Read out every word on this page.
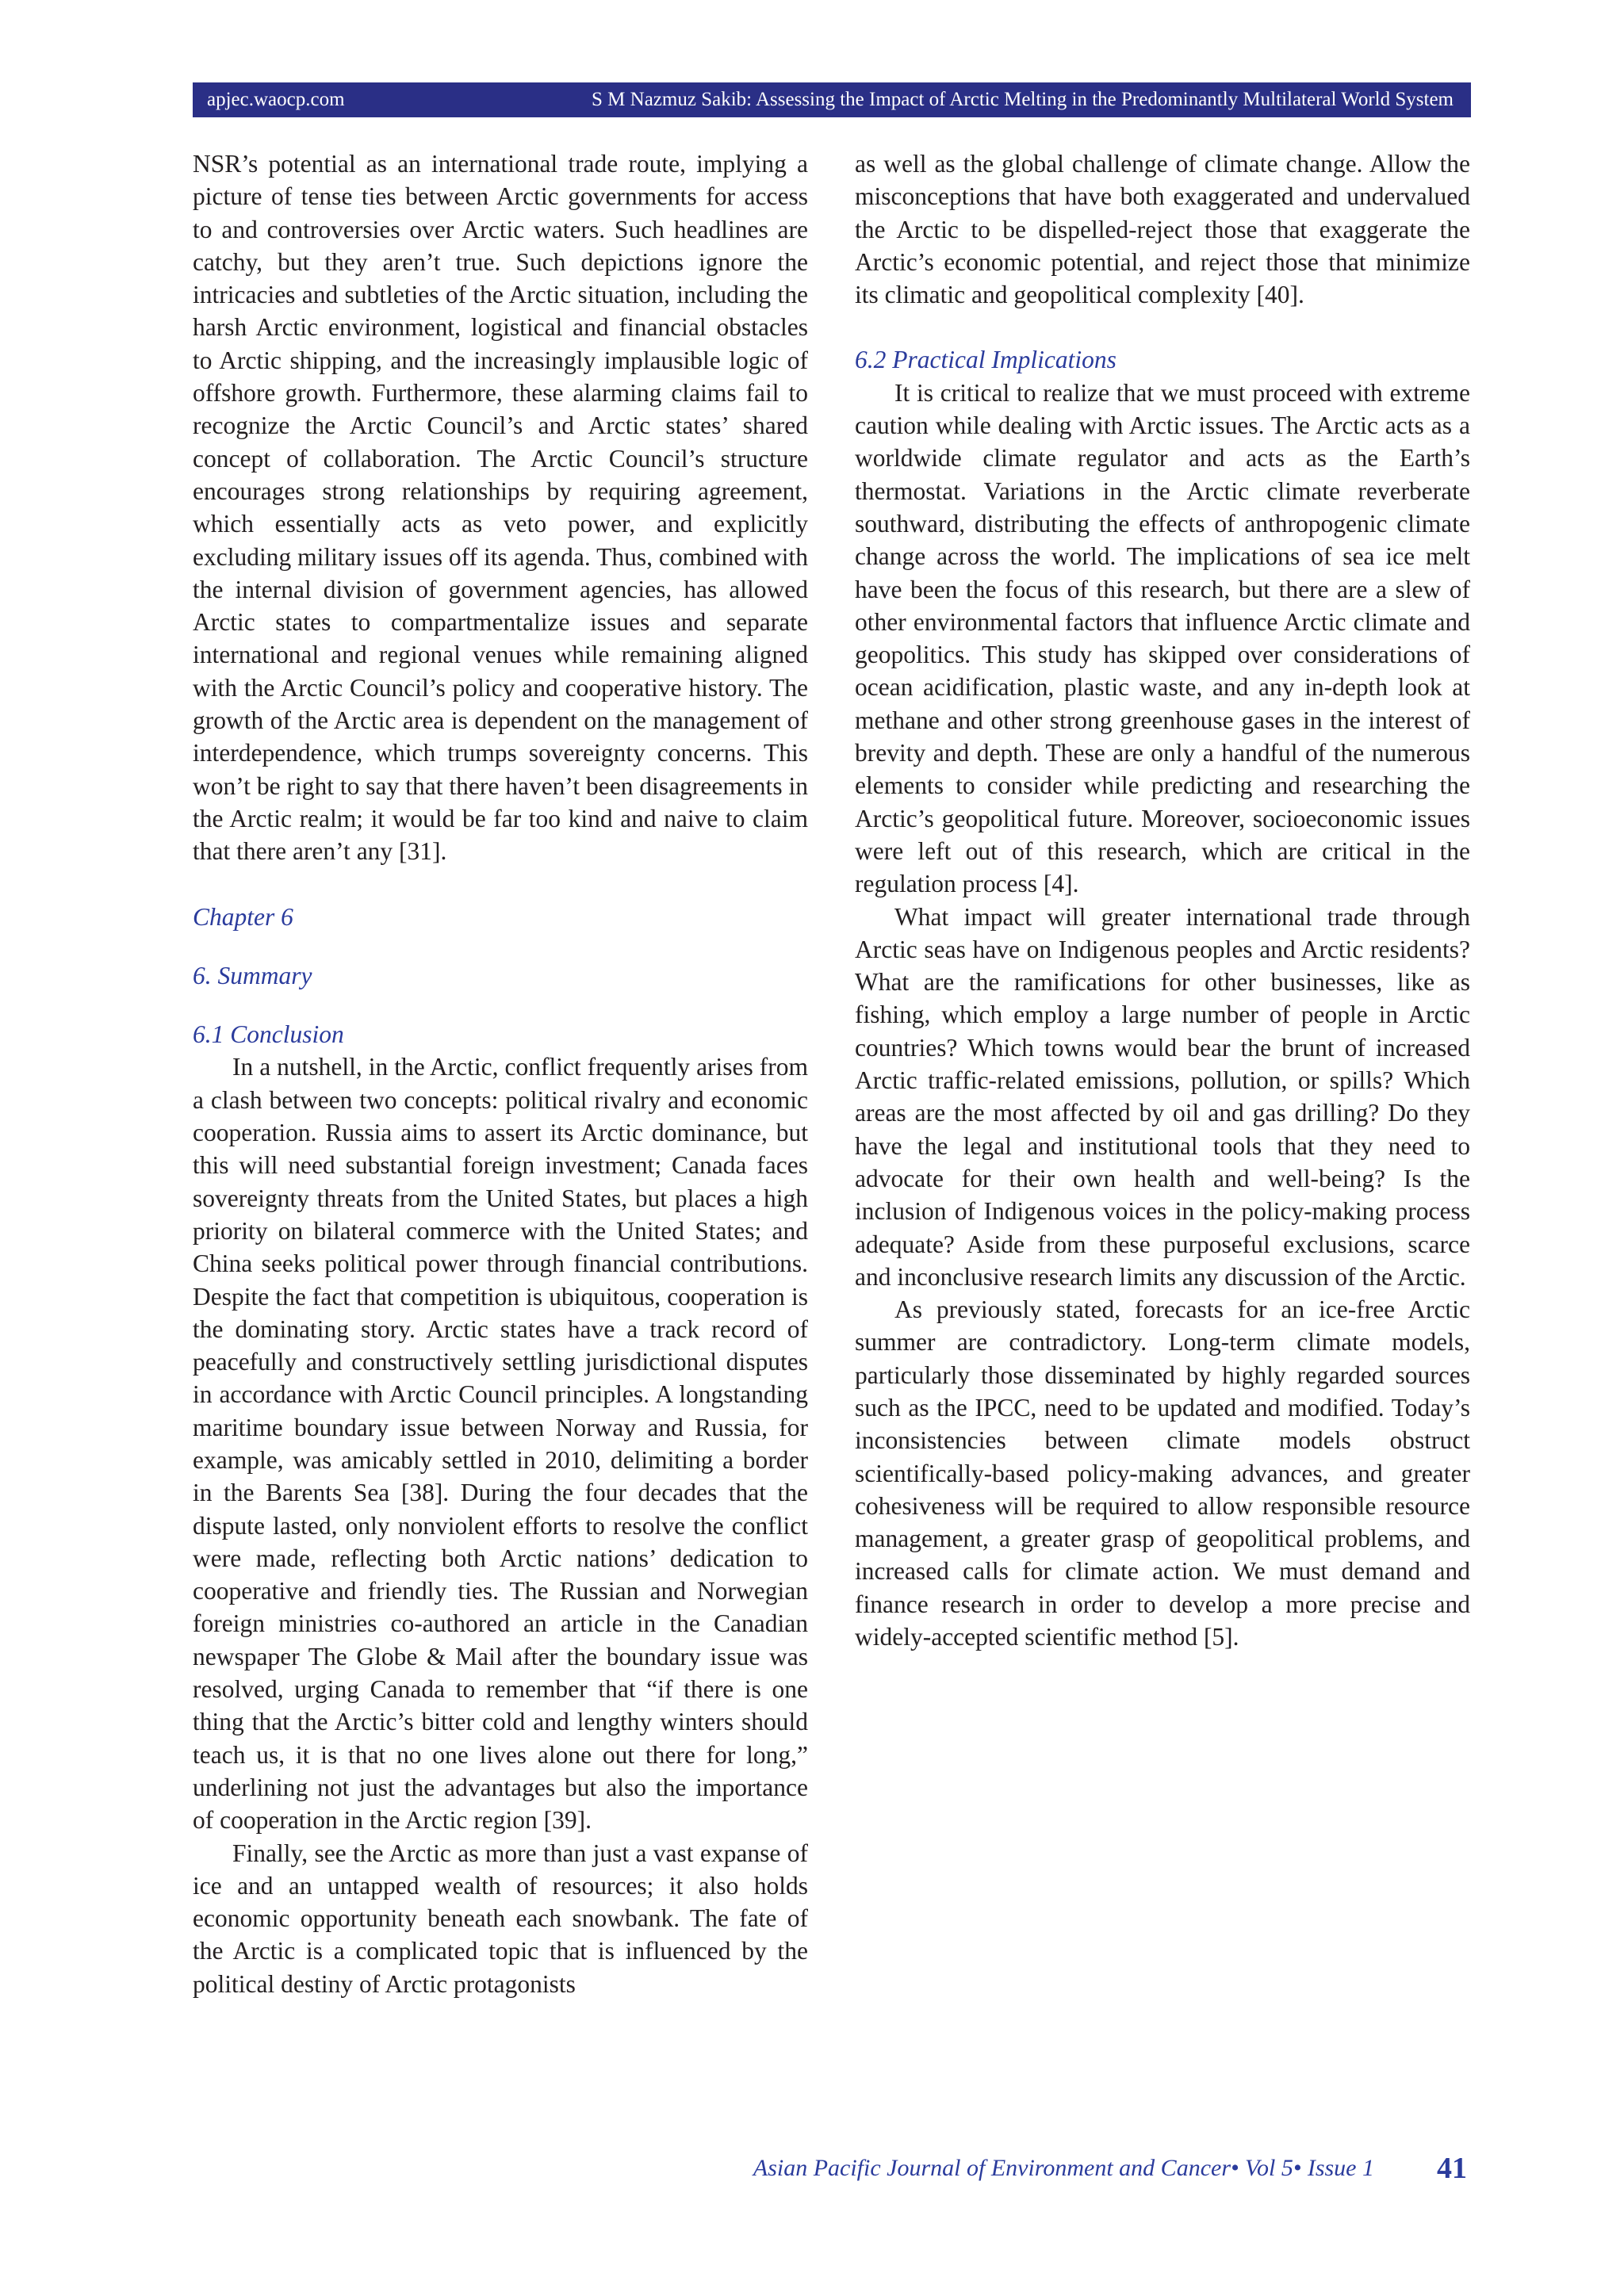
apjec.waocp.com	S M Nazmuz Sakib: Assessing the Impact of Arctic Melting in the Predominantly Multilateral World System

NSR’s potential as an international trade route, implying a picture of tense ties between Arctic governments for access to and controversies over Arctic waters. Such headlines are catchy, but they aren’t true. Such depictions ignore the intricacies and subtleties of the Arctic situation, including the harsh Arctic environment, logistical and financial obstacles to Arctic shipping, and the increasingly implausible logic of offshore growth. Furthermore, these alarming claims fail to recognize the Arctic Council’s and Arctic states’ shared concept of collaboration. The Arctic Council’s structure encourages strong relationships by requiring agreement, which essentially acts as veto power, and explicitly excluding military issues off its agenda. Thus, combined with the internal division of government agencies, has allowed Arctic states to compartmentalize issues and separate international and regional venues while remaining aligned with the Arctic Council’s policy and cooperative history. The growth of the Arctic area is dependent on the management of interdependence, which trumps sovereignty concerns. This won’t be right to say that there haven’t been disagreements in the Arctic realm; it would be far too kind and naive to claim that there aren’t any [31].

Chapter 6
6. Summary
6.1 Conclusion

In a nutshell, in the Arctic, conflict frequently arises from a clash between two concepts: political rivalry and economic cooperation. Russia aims to assert its Arctic dominance, but this will need substantial foreign investment; Canada faces sovereignty threats from the United States, but places a high priority on bilateral commerce with the United States; and China seeks political power through financial contributions. Despite the fact that competition is ubiquitous, cooperation is the dominating story. Arctic states have a track record of peacefully and constructively settling jurisdictional disputes in accordance with Arctic Council principles. A longstanding maritime boundary issue between Norway and Russia, for example, was amicably settled in 2010, delimiting a border in the Barents Sea [38]. During the four decades that the dispute lasted, only nonviolent efforts to resolve the conflict were made, reflecting both Arctic nations’ dedication to cooperative and friendly ties. The Russian and Norwegian foreign ministries co-authored an article in the Canadian newspaper The Globe & Mail after the boundary issue was resolved, urging Canada to remember that “if there is one thing that the Arctic’s bitter cold and lengthy winters should teach us, it is that no one lives alone out there for long,” underlining not just the advantages but also the importance of cooperation in the Arctic region [39].

Finally, see the Arctic as more than just a vast expanse of ice and an untapped wealth of resources; it also holds economic opportunity beneath each snowbank. The fate of the Arctic is a complicated topic that is influenced by the political destiny of Arctic protagonists

as well as the global challenge of climate change. Allow the misconceptions that have both exaggerated and undervalued the Arctic to be dispelled-reject those that exaggerate the Arctic’s economic potential, and reject those that minimize its climatic and geopolitical complexity [40].

6.2 Practical Implications

It is critical to realize that we must proceed with extreme caution while dealing with Arctic issues. The Arctic acts as a worldwide climate regulator and acts as the Earth’s thermostat. Variations in the Arctic climate reverberate southward, distributing the effects of anthropogenic climate change across the world. The implications of sea ice melt have been the focus of this research, but there are a slew of other environmental factors that influence Arctic climate and geopolitics. This study has skipped over considerations of ocean acidification, plastic waste, and any in-depth look at methane and other strong greenhouse gases in the interest of brevity and depth. These are only a handful of the numerous elements to consider while predicting and researching the Arctic’s geopolitical future. Moreover, socioeconomic issues were left out of this research, which are critical in the regulation process [4].

What impact will greater international trade through Arctic seas have on Indigenous peoples and Arctic residents? What are the ramifications for other businesses, like as fishing, which employ a large number of people in Arctic countries? Which towns would bear the brunt of increased Arctic traffic-related emissions, pollution, or spills? Which areas are the most affected by oil and gas drilling? Do they have the legal and institutional tools that they need to advocate for their own health and well-being? Is the inclusion of Indigenous voices in the policy-making process adequate? Aside from these purposeful exclusions, scarce and inconclusive research limits any discussion of the Arctic.

As previously stated, forecasts for an ice-free Arctic summer are contradictory. Long-term climate models, particularly those disseminated by highly regarded sources such as the IPCC, need to be updated and modified. Today’s inconsistencies between climate models obstruct scientifically-based policy-making advances, and greater cohesiveness will be required to allow responsible resource management, a greater grasp of geopolitical problems, and increased calls for climate action. We must demand and finance research in order to develop a more precise and widely-accepted scientific method [5].

Asian Pacific Journal of Environment and Cancer• Vol 5• Issue 1 41
